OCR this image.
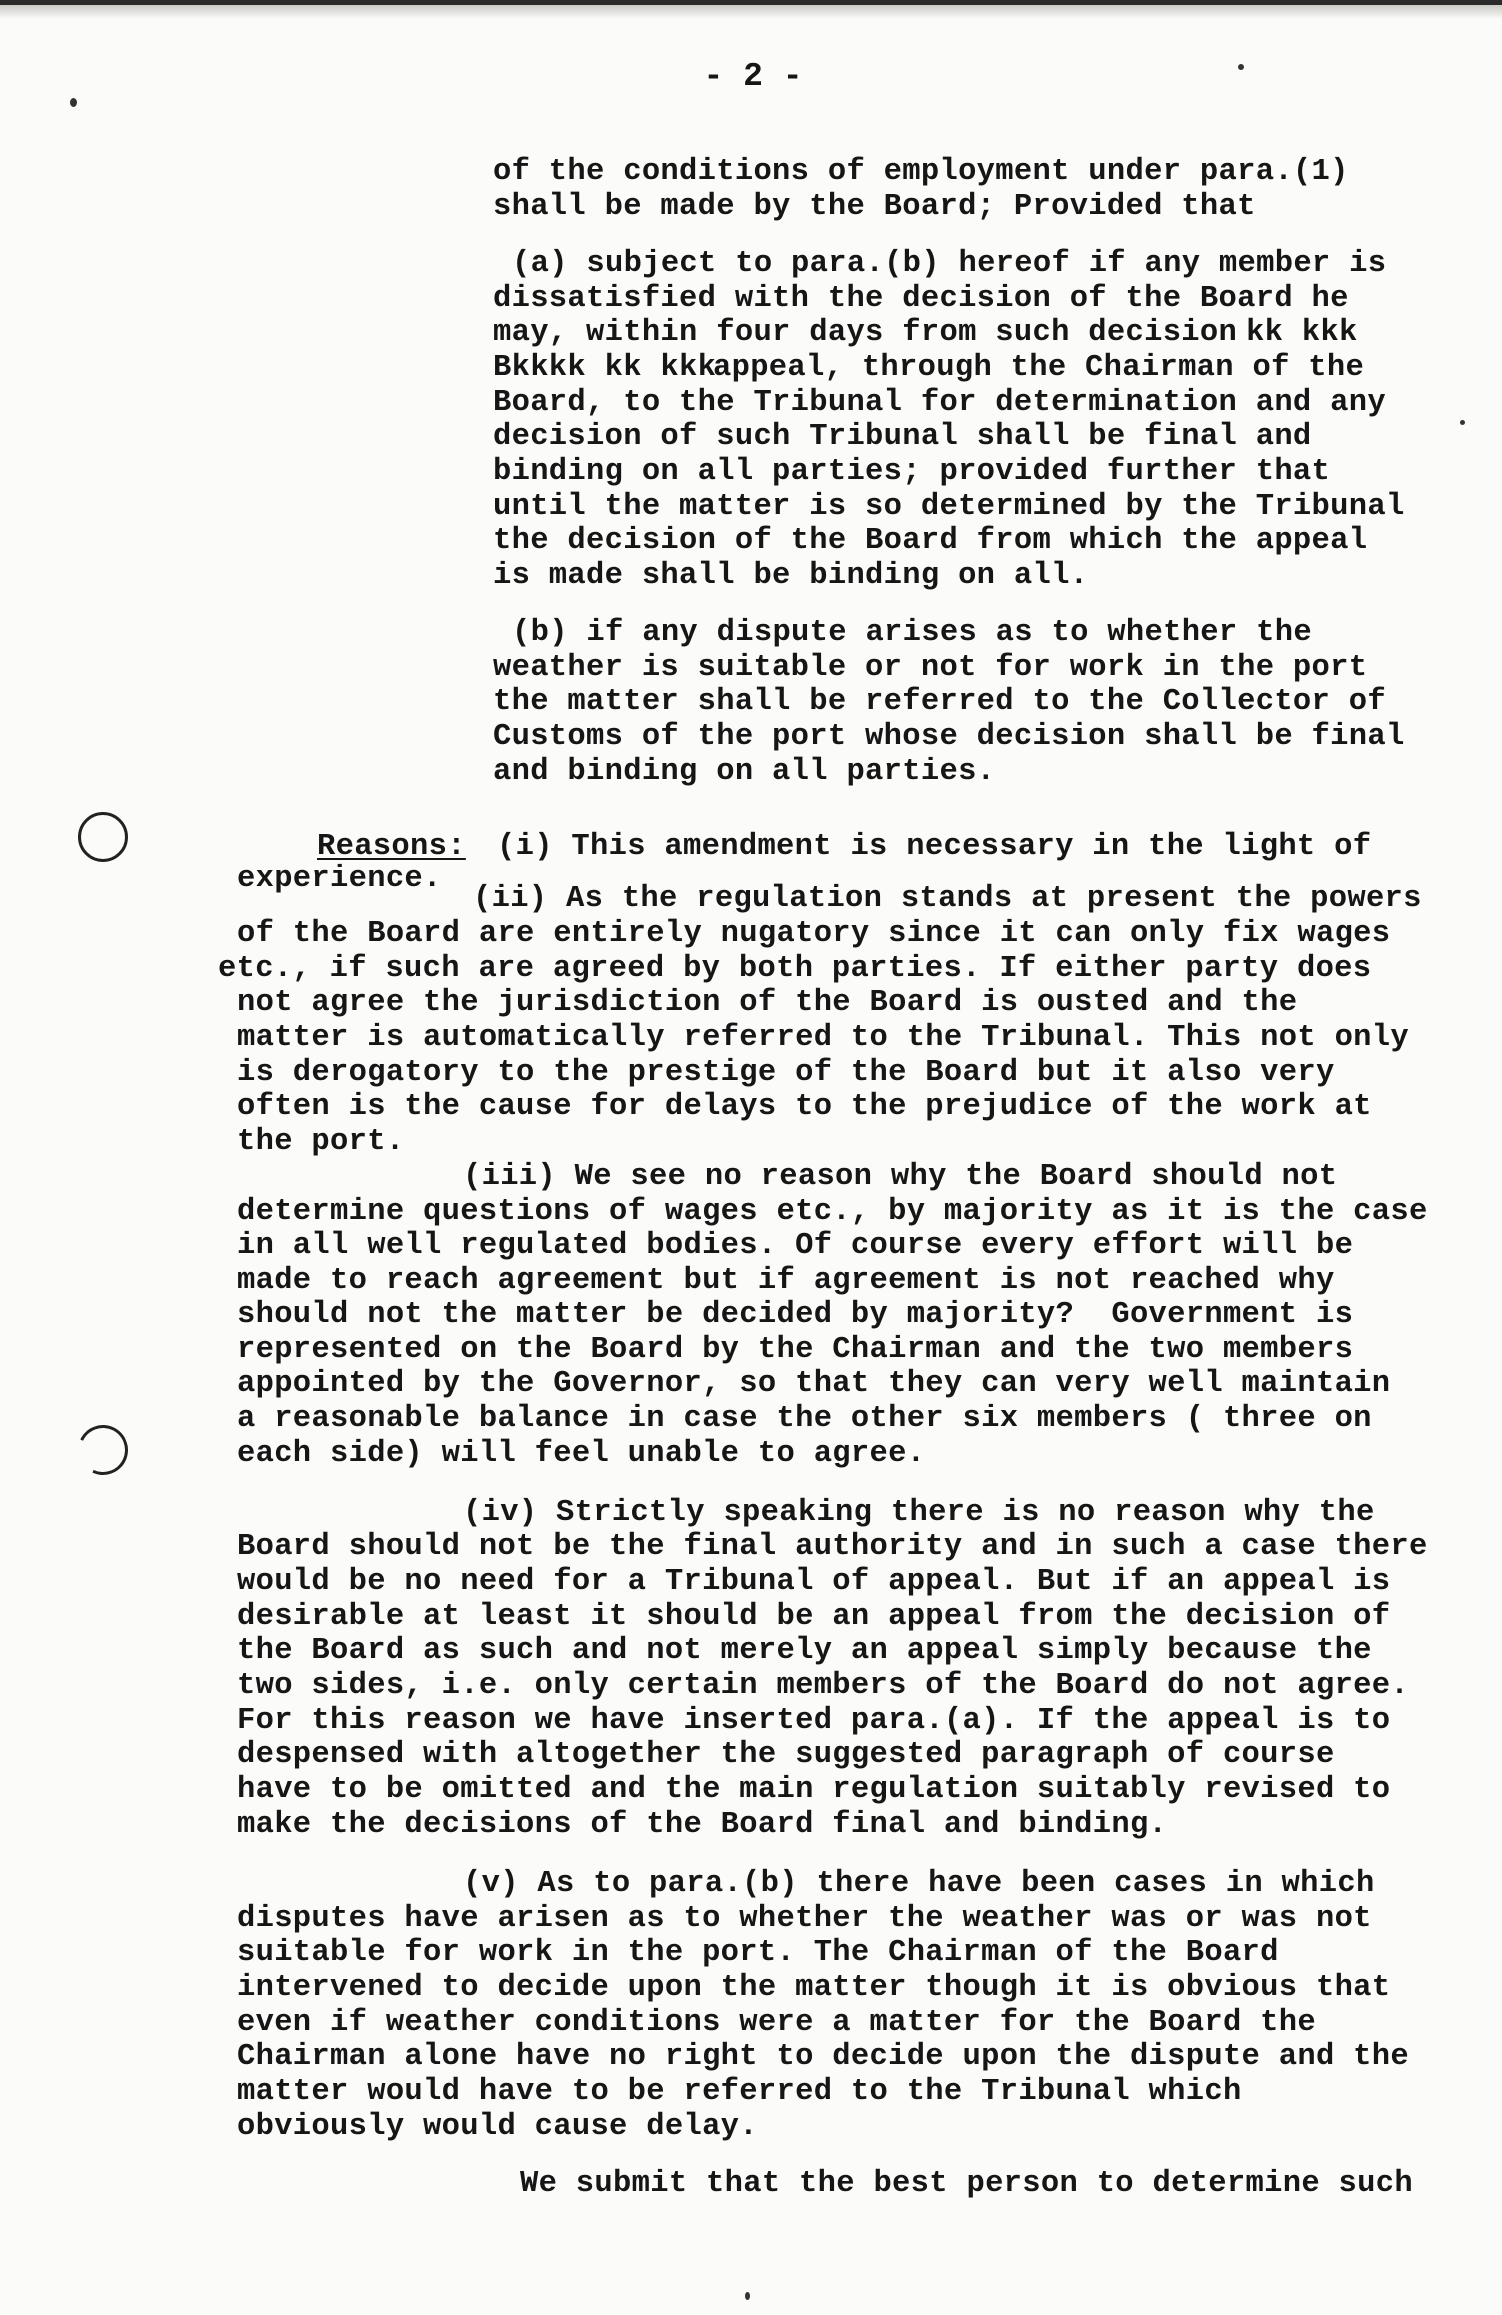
- 2 -
of the conditions of employment under para.(1)
shall be made by the Board; Provided that
(a) subject to para.(b) hereof if any member is
dissatisfied with the decision of the Board he
may, within four days from such decision kk kkk
Bkkkk kk kkk
appeal, through the Chairman of the
Board, to the Tribunal for determination and any
decision of such Tribunal shall be final and
binding on all parties; provided further that
until the matter is so determined by the Tribunal
the decision of the Board from which the appeal
is made shall be binding on all.
(b) if any dispute arises as to whether the
weather is suitable or not for work in the port
the matter shall be referred to the Collector of
Customs of the port whose decision shall be final
and binding on all parties.
Reasons: (i) This amendment is necessary in the light of
experience.
(ii) As the regulation stands at present the powers
of the Board are entirely nugatory since it can only fix wages
etc., if such are agreed by both parties. If either party does
not agree the jurisdiction of the Board is ousted and the
matter is automatically referred to the Tribunal. This not only
is derogatory to the prestige of the Board but it also very
often is the cause for delays to the prejudice of the work at
the port.
(iii) We see no reason why the Board should not
determine questions of wages etc., by majority as it is the case
in all well regulated bodies. Of course every effort will be
made to reach agreement but if agreement is not reached why
should not the matter be decided by majority?  Government is
represented on the Board by the Chairman and the two members
appointed by the Governor, so that they can very well maintain
a reasonable balance in case the other six members ( three on
each side) will feel unable to agree.
(iv) Strictly speaking there is no reason why the
Board should not be the final authority and in such a case there
would be no need for a Tribunal of appeal. But if an appeal is
desirable at least it should be an appeal from the decision of
the Board as such and not merely an appeal simply because the
two sides, i.e. only certain members of the Board do not agree.
For this reason we have inserted para.(a). If the appeal is to
despensed with altogether the suggested paragraph of course
have to be omitted and the main regulation suitably revised to
make the decisions of the Board final and binding.
(v) As to para.(b) there have been cases in which
disputes have arisen as to whether the weather was or was not
suitable for work in the port. The Chairman of the Board
intervened to decide upon the matter though it is obvious that
even if weather conditions were a matter for the Board the
Chairman alone have no right to decide upon the dispute and the
matter would have to be referred to the Tribunal which
obviously would cause delay.
We submit that the best person to determine such
